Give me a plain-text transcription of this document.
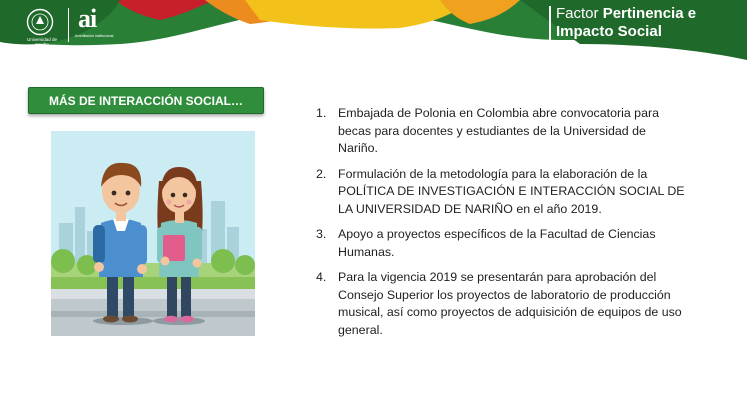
Universidad de Nariño
ai
Acreditación Institucional
Factor Pertinencia e
Impacto Social
MÁS DE INTERACCIÓN SOCIAL…
1. Embajada de Polonia en Colombia abre convocatoria para becas para docentes y estudiantes de la Universidad de Nariño.
2. Formulación de la metodología para la elaboración de la POLÍTICA DE INVESTIGACIÓN E INTERACCIÓN SOCIAL DE LA UNIVERSIDAD DE NARIÑO en el año 2019.
3. Apoyo a proyectos específicos de la Facultad de Ciencias Humanas.
4. Para la vigencia 2019 se presentarán para aprobación del Consejo Superior los proyectos de laboratorio de producción musical, así como proyectos de adquisición de equipos de uso general.
